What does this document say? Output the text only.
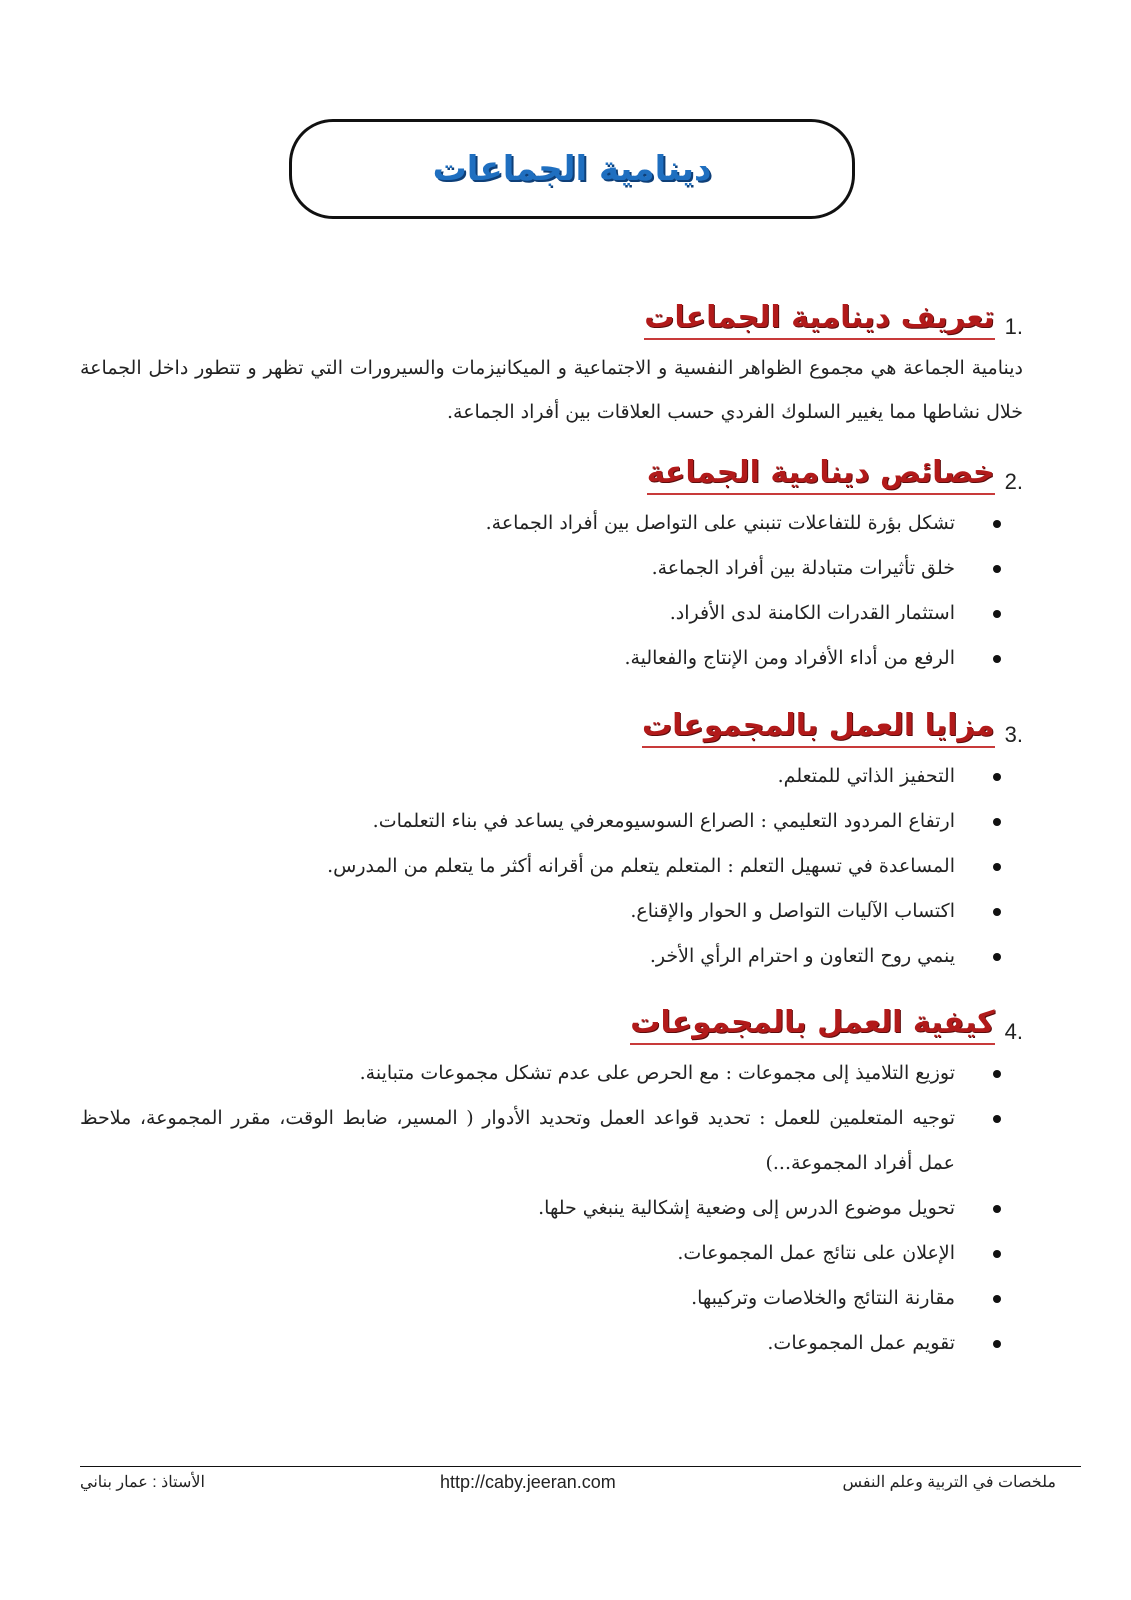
دينامية الجماعات
1.
تعريف دينامية الجماعات

دينامية الجماعة هي مجموع الظواهر النفسية و الاجتماعية و الميكانيزمات والسيرورات التي تظهر و تتطور داخل الجماعة خلال نشاطها مما يغيير السلوك الفردي حسب العلاقات بين أفراد الجماعة.

2.
خصائص دينامية الجماعة
تشكل بؤرة للتفاعلات تنبني على التواصل بين أفراد الجماعة.
خلق تأثيرات متبادلة بين أفراد الجماعة.
استثمار القدرات الكامنة لدى الأفراد.
الرفع من أداء الأفراد ومن الإنتاج والفعالية.
3.
مزايا العمل بالمجموعات
التحفيز الذاتي للمتعلم.
ارتفاع المردود التعليمي : الصراع السوسيومعرفي يساعد في بناء التعلمات.
المساعدة في تسهيل التعلم : المتعلم يتعلم من أقرانه أكثر ما يتعلم من المدرس.
اكتساب الآليات التواصل و الحوار والإقناع.
ينمي روح التعاون و احترام الرأي الأخر.
4.
كيفية العمل بالمجموعات
توزيع التلاميذ إلى مجموعات : مع الحرص على عدم تشكل مجموعات متباينة.
توجيه المتعلمين للعمل : تحديد قواعد العمل وتحديد الأدوار ( المسير، ضابط الوقت، مقرر المجموعة، ملاحظ عمل أفراد المجموعة...)
تحويل موضوع الدرس إلى وضعية إشكالية ينبغي حلها.
الإعلان على نتائج عمل المجموعات.
مقارنة النتائج والخلاصات وتركيبها.
تقويم عمل المجموعات.
ملخصات في التربية وعلم النفس
http://caby.jeeran.com
الأستاذ : عمار بناني
